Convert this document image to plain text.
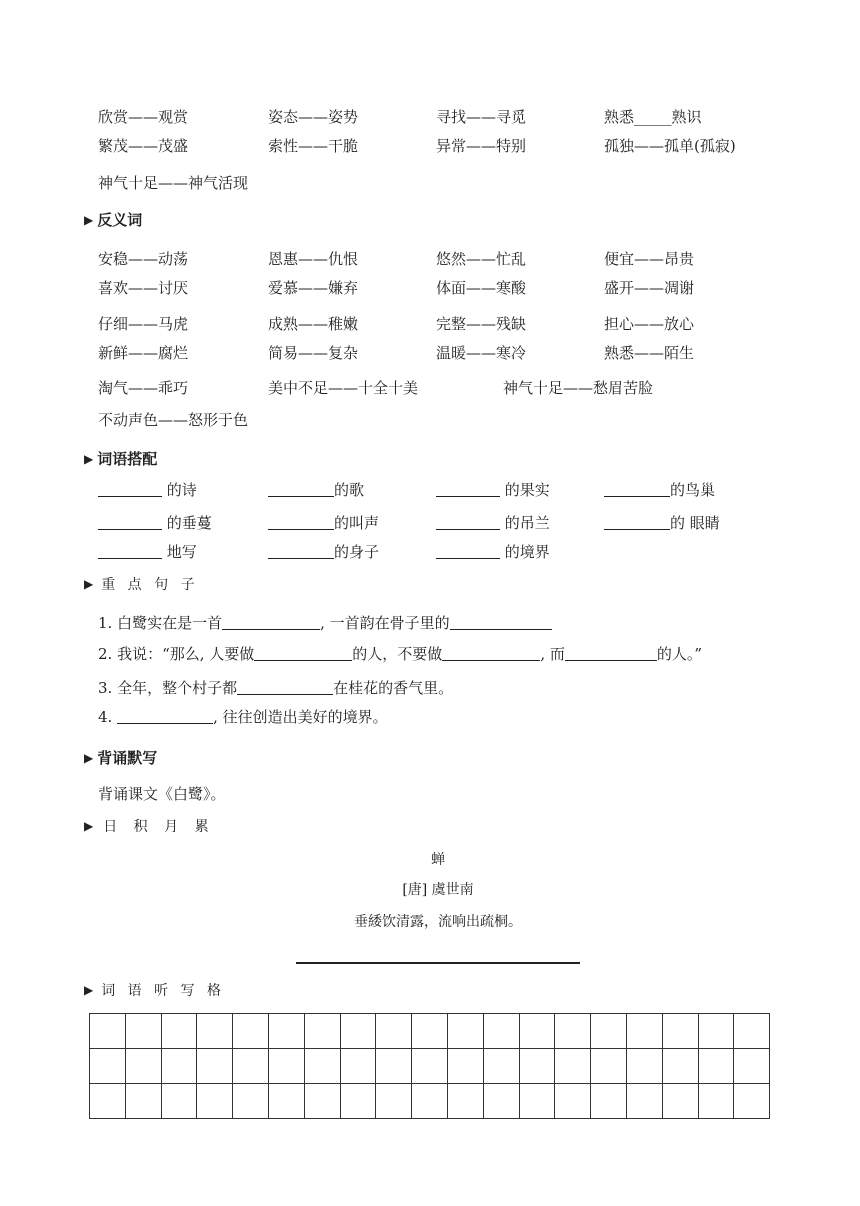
欣赏——观赏	姿态——姿势	寻找——寻觅	熟悉_____熟识
繁茂——茂盛	索性——干脆	异常——特别	孤独——孤单(孤寂)
神气十足——神气活现
▶ 反义词
安稳——动荡	恩惠——仇恨	悠然——忙乱	便宜——昂贵
喜欢——讨厌	爱慕——嫌弃	体面——寒酸	盛开——凋谢
仔细——马虎	成熟——稚嫩	完整——残缺	担心——放心
新鲜——腐烂	简易——复杂	温暖——寒冷	熟悉——陌生
淘气——乖巧	美中不足——十全十美	神气十足——愁眉苦脸
不动声色——怒形于色
▶ 词语搭配
的诗	的歌	的果实	的鸟巢
的垂蔓	的叫声	的吊兰	的 眼睛
地写	的身子	的境界
▶ 重 点 句 子
1. 白鹭实在是一首	, 一首韵在骨子里的
2. 我说：“那么, 人要做	的人，不要做	, 而	的人。”
3. 全年，整个村子都	在桂花的香气里。
4.	, 往往创造出美好的境界。
▶ 背诵默写
背诵课文《白鹭》。
▶ 日 积 月 累
蝉
[唐] 虞世南
垂緌饮清露，流响出疏桐。
▶ 词 语 听 写 格
